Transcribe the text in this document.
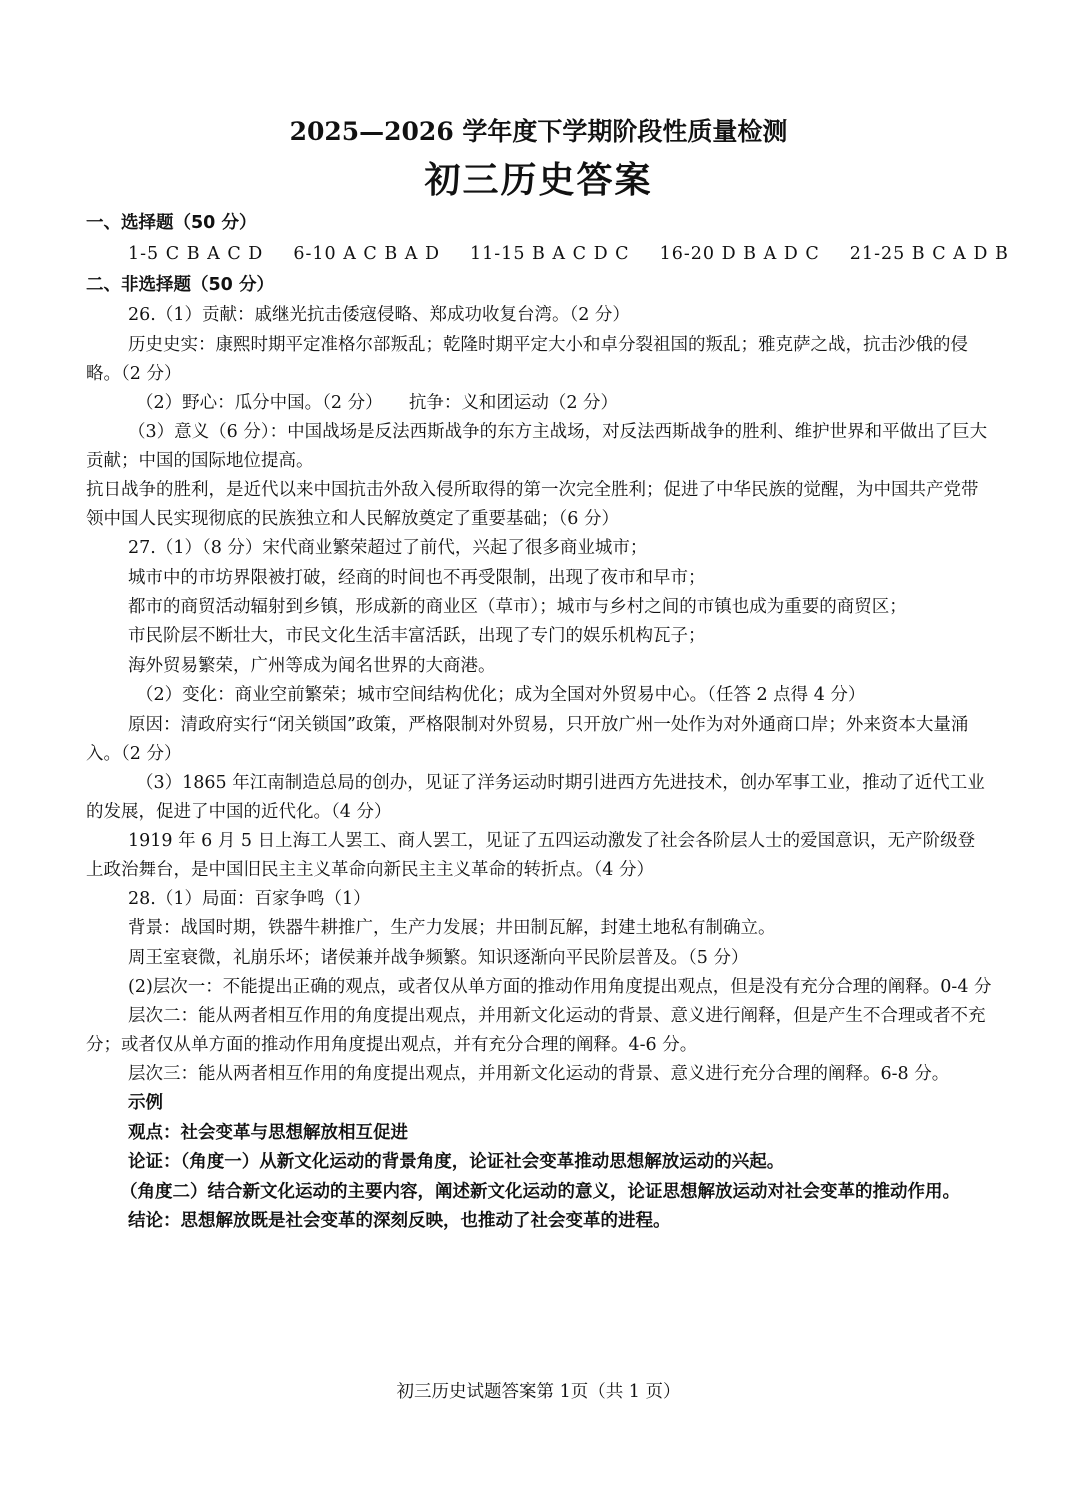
2025—2026 学年度下学期阶段性质量检测
初三历史答案
一、选择题（50 分）
1-5 C B A C D 6-10 A C B A D 11-15 B A C D C 16-20 D B A D C 21-25 B C A D B
二、非选择题（50 分）
26.（1）贡献：戚继光抗击倭寇侵略、郑成功收复台湾。（2 分）
历史史实：康熙时期平定准格尔部叛乱；乾隆时期平定大小和卓分裂祖国的叛乱；雅克萨之战，抗击沙俄的侵略。（2 分）
（2）野心：瓜分中国。（2 分）　　抗争：义和团运动（2 分）
（3）意义（6 分）：中国战场是反法西斯战争的东方主战场，对反法西斯战争的胜利、维护世界和平做出了巨大贡献；中国的国际地位提高。
抗日战争的胜利，是近代以来中国抗击外敌入侵所取得的第一次完全胜利；促进了中华民族的觉醒，为中国共产党带领中国人民实现彻底的民族独立和人民解放奠定了重要基础；（6 分）
27.（1）（8 分）宋代商业繁荣超过了前代，兴起了很多商业城市；
城市中的市坊界限被打破，经商的时间也不再受限制，出现了夜市和早市；
都市的商贸活动辐射到乡镇，形成新的商业区（草市）；城市与乡村之间的市镇也成为重要的商贸区；
市民阶层不断壮大，市民文化生活丰富活跃，出现了专门的娱乐机构瓦子；
海外贸易繁荣，广州等成为闻名世界的大商港。
（2）变化：商业空前繁荣；城市空间结构优化；成为全国对外贸易中心。（任答 2 点得 4 分）
原因：清政府实行“闭关锁国”政策，严格限制对外贸易，只开放广州一处作为对外通商口岸；外来资本大量涌入。（2 分）
（3）1865 年江南制造总局的创办，见证了洋务运动时期引进西方先进技术，创办军事工业，推动了近代工业的发展，促进了中国的近代化。（4 分）
1919 年 6 月 5 日上海工人罢工、商人罢工，见证了五四运动激发了社会各阶层人士的爱国意识，无产阶级登上政治舞台，是中国旧民主主义革命向新民主主义革命的转折点。（4 分）
28.（1）局面：百家争鸣（1）
背景：战国时期，铁器牛耕推广，生产力发展；井田制瓦解，封建土地私有制确立。
周王室衰微，礼崩乐坏；诸侯兼并战争频繁。知识逐渐向平民阶层普及。（5 分）
(2)层次一：不能提出正确的观点，或者仅从单方面的推动作用角度提出观点，但是没有充分合理的阐释。0-4 分
层次二：能从两者相互作用的角度提出观点，并用新文化运动的背景、意义进行阐释，但是产生不合理或者不充分；或者仅从单方面的推动作用角度提出观点，并有充分合理的阐释。4-6 分。
层次三：能从两者相互作用的角度提出观点，并用新文化运动的背景、意义进行充分合理的阐释。6-8 分。
示例
观点：社会变革与思想解放相互促进
论证：（角度一）从新文化运动的背景角度，论证社会变革推动思想解放运动的兴起。
（角度二）结合新文化运动的主要内容，阐述新文化运动的意义，论证思想解放运动对社会变革的推动作用。
结论：思想解放既是社会变革的深刻反映，也推动了社会变革的进程。
初三历史试题答案第 1页（共 1 页）
